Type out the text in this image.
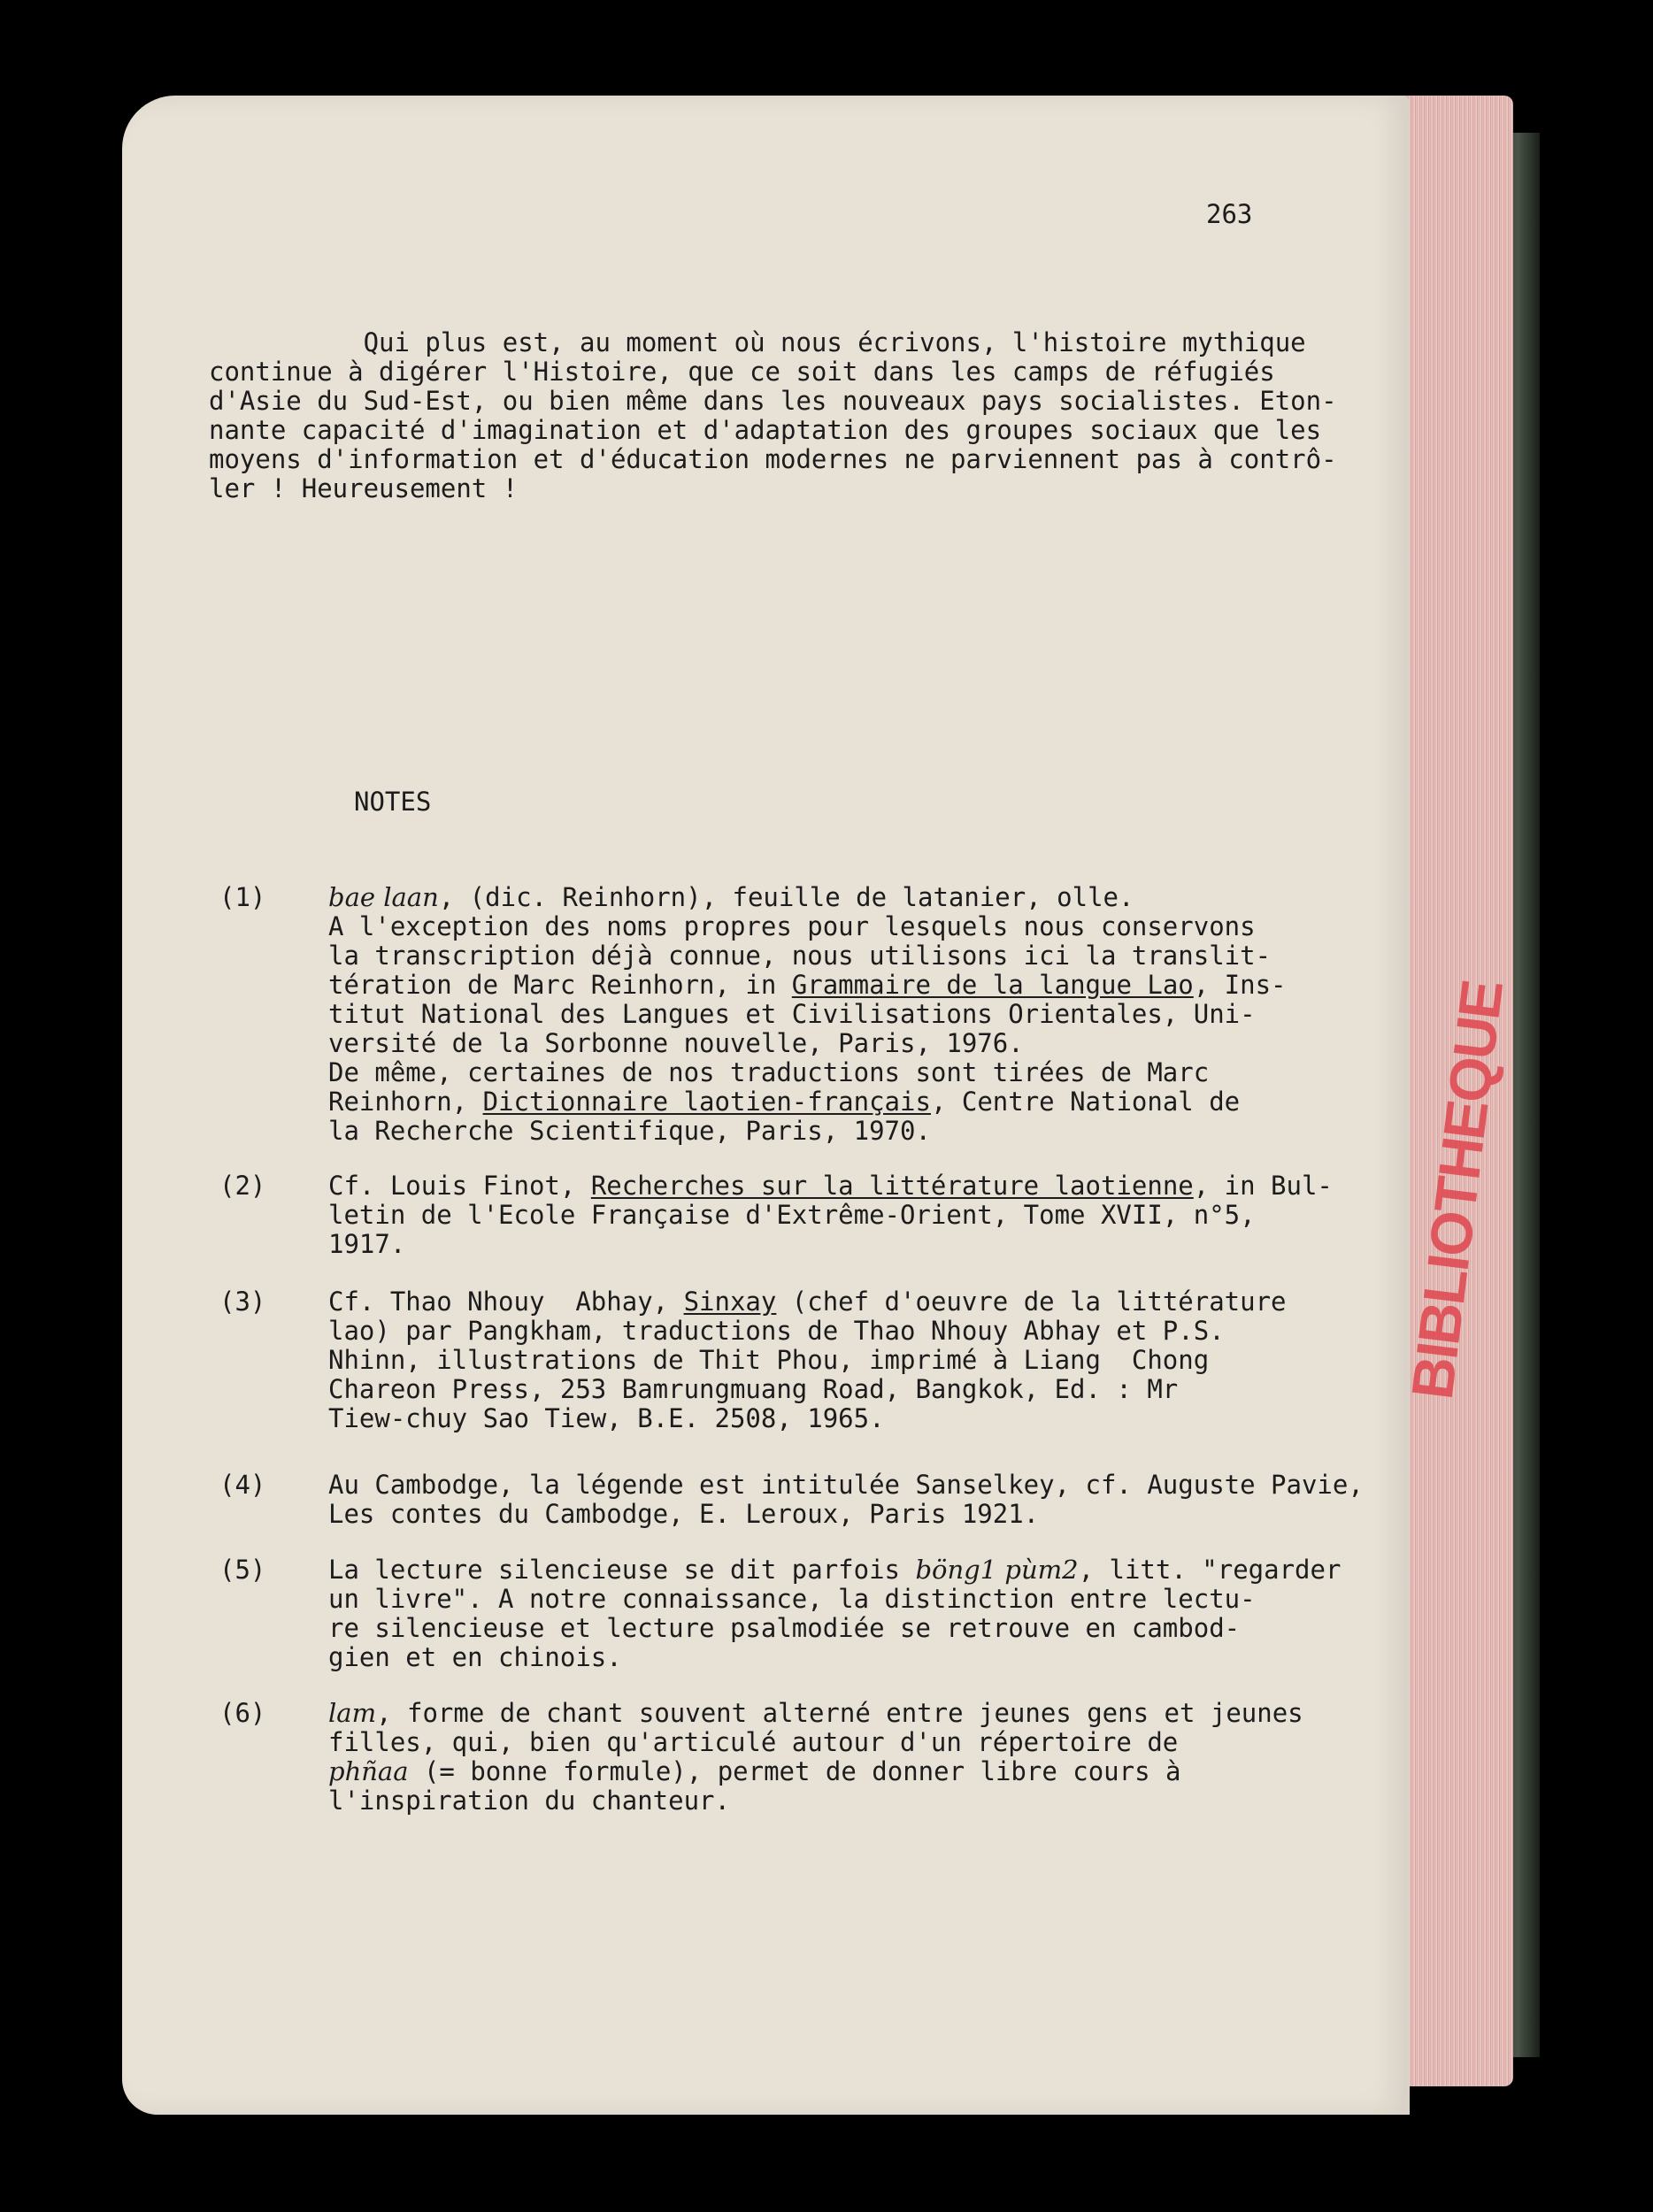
263
Qui plus est, au moment où nous écrivons, l'histoire mythique
continue à digérer l'Histoire, que ce soit dans les camps de réfugiés
d'Asie du Sud-Est, ou bien même dans les nouveaux pays socialistes. Eton-
nante capacité d'imagination et d'adaptation des groupes sociaux que les
moyens d'information et d'éducation modernes ne parviennent pas à contrô-
ler ! Heureusement !
NOTES
(1) bae laan, (dic. Reinhorn), feuille de latanier, olle.
A l'exception des noms propres pour lesquels nous conservons
la transcription déjà connue, nous utilisons ici la translit-
tération de Marc Reinhorn, in Grammaire de la langue Lao, Ins-
titut National des Langues et Civilisations Orientales, Uni-
versité de la Sorbonne nouvelle, Paris, 1976.
De même, certaines de nos traductions sont tirées de Marc
Reinhorn, Dictionnaire laotien-français, Centre National de
la Recherche Scientifique, Paris, 1970.
(2) Cf. Louis Finot, Recherches sur la littérature laotienne, in Bul-
letin de l'Ecole Française d'Extrême-Orient, Tome XVII, n°5,
1917.
(3) Cf. Thao Nhouy  Abhay, Sinxay (chef d'oeuvre de la littérature
lao) par Pangkham, traductions de Thao Nhouy Abhay et P.S.
Nhinn, illustrations de Thit Phou, imprimé à Liang  Chong
Chareon Press, 253 Bamrungmuang Road, Bangkok, Ed. : Mr
Tiew-chuy Sao Tiew, B.E. 2508, 1965.
(4) Au Cambodge, la légende est intitulée Sanselkey, cf. Auguste Pavie,
Les contes du Cambodge, E. Leroux, Paris 1921.
(5) La lecture silencieuse se dit parfois böng1 pùm2, litt. "regarder
un livre". A notre connaissance, la distinction entre lectu-
re silencieuse et lecture psalmodiée se retrouve en cambod-
gien et en chinois.
(6) lam, forme de chant souvent alterné entre jeunes gens et jeunes
filles, qui, bien qu'articulé autour d'un répertoire de
phñaa (= bonne formule), permet de donner libre cours à
l'inspiration du chanteur.
BIBLIOTHEQUE
